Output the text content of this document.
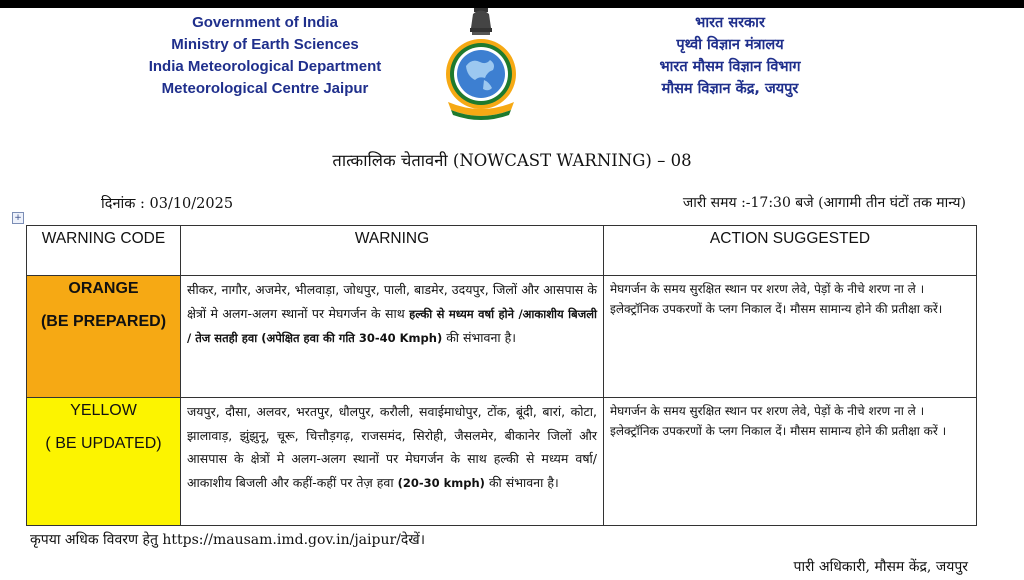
Government of India
Ministry of Earth Sciences
India Meteorological Department
Meteorological Centre Jaipur
भारत सरकार
पृथ्वी विज्ञान मंत्रालय
भारत मौसम विज्ञान विभाग
मौसम विज्ञान केंद्र, जयपुर
तात्कालिक चेतावनी (NOWCAST WARNING) – 08
दिनांक : 03/10/2025	जारी समय :-17:30 बजे (आगामी तीन घंटों तक मान्य)
+
WARNING CODE	WARNING	ACTION SUGGESTED

ORANGE
(BE PREPARED)	सीकर, नागौर, अजमेर, भीलवाड़ा, जोधपुर, पाली, बाडमेर, उदयपुर, जिलों और आसपास के क्षेत्रों मे अलग-अलग स्थानों पर मेघगर्जन के साथ हल्की से मध्यम वर्षा होने /आकाशीय बिजली / तेज सतही हवा (अपेक्षित हवा की गति 30-40 Kmph) की संभावना है।	मेघगर्जन के समय सुरक्षित स्थान पर शरण लेवे, पेड़ों के नीचे शरण ना ले । इलेक्ट्रॉनिक उपकरणों के प्लग निकाल दें। मौसम सामान्य होने की प्रतीक्षा करें।

YELLOW
( BE UPDATED)	जयपुर, दौसा, अलवर, भरतपुर, धौलपुर, करौली, सवाईमाधोपुर, टोंक, बूंदी, बारां, कोटा, झालावाड़, झुंझुनू, चूरू, चित्तौड़गढ़, राजसमंद, सिरोही, जैसलमेर, बीकानेर जिलों और आसपास के क्षेत्रों मे अलग-अलग स्थानों पर मेघगर्जन के साथ हल्की से मध्यम वर्षा/ आकाशीय बिजली और कहीं-कहीं पर तेज़ हवा (20-30 kmph) की संभावना है।	मेघगर्जन के समय सुरक्षित स्थान पर शरण लेवे, पेड़ों के नीचे शरण ना ले । इलेक्ट्रॉनिक उपकरणों के प्लग निकाल दें। मौसम सामान्य होने की प्रतीक्षा करें ।
कृपया अधिक विवरण हेतु https://mausam.imd.gov.in/jaipur/देखें।
पारी अधिकारी, मौसम केंद्र, जयपुर
